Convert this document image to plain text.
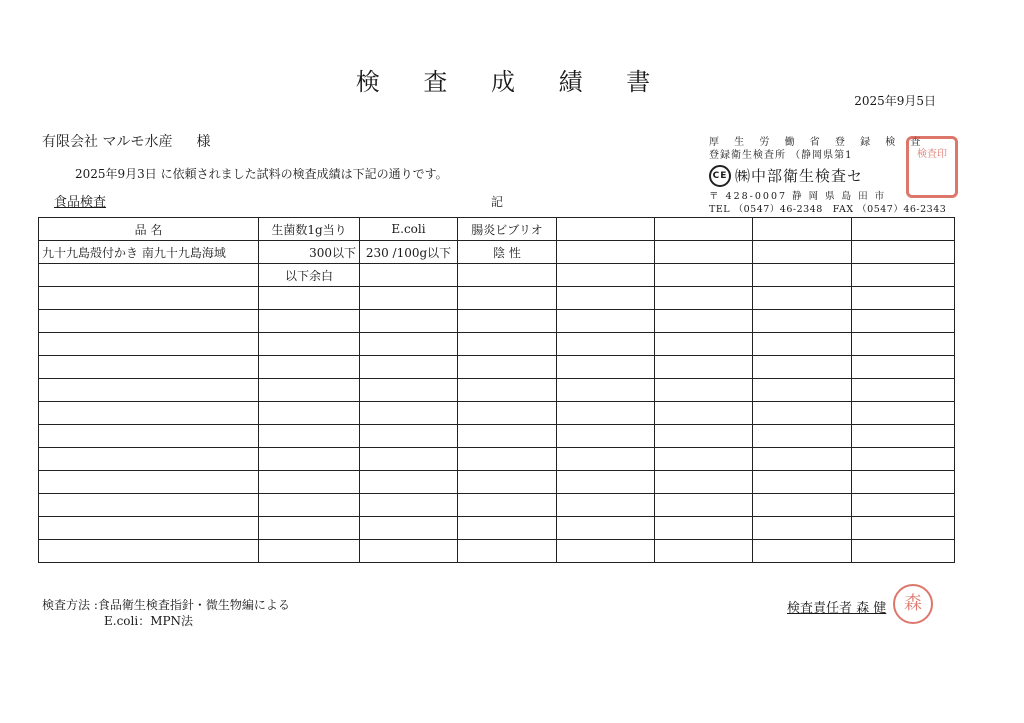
検 査 成 績 書
2025年9月5日
有限会社 マルモ水産 様
2025年9月3日 に依頼されました試料の検査成績は下記の通りです。
食品検査	記
厚 生 労 働 省 登 録 検 査
登録衛生検査所 （静岡県第1
CE ㈱中部衛生検査セ
〒 428-0007 静 岡 県 島 田 市
TEL （0547）46-2348　FAX （0547）46-2343
検査印
品 名	生菌数1g当り	E.coli	腸炎ビブリオ				
九十九島殻付かき 南九十九島海域	300以下	230 /100g以下	陰 性				
	以下余白						

検査方法 :食品衛生検査指針・微生物編による
E.coli：MPN法
検査責任者 森 健 森
